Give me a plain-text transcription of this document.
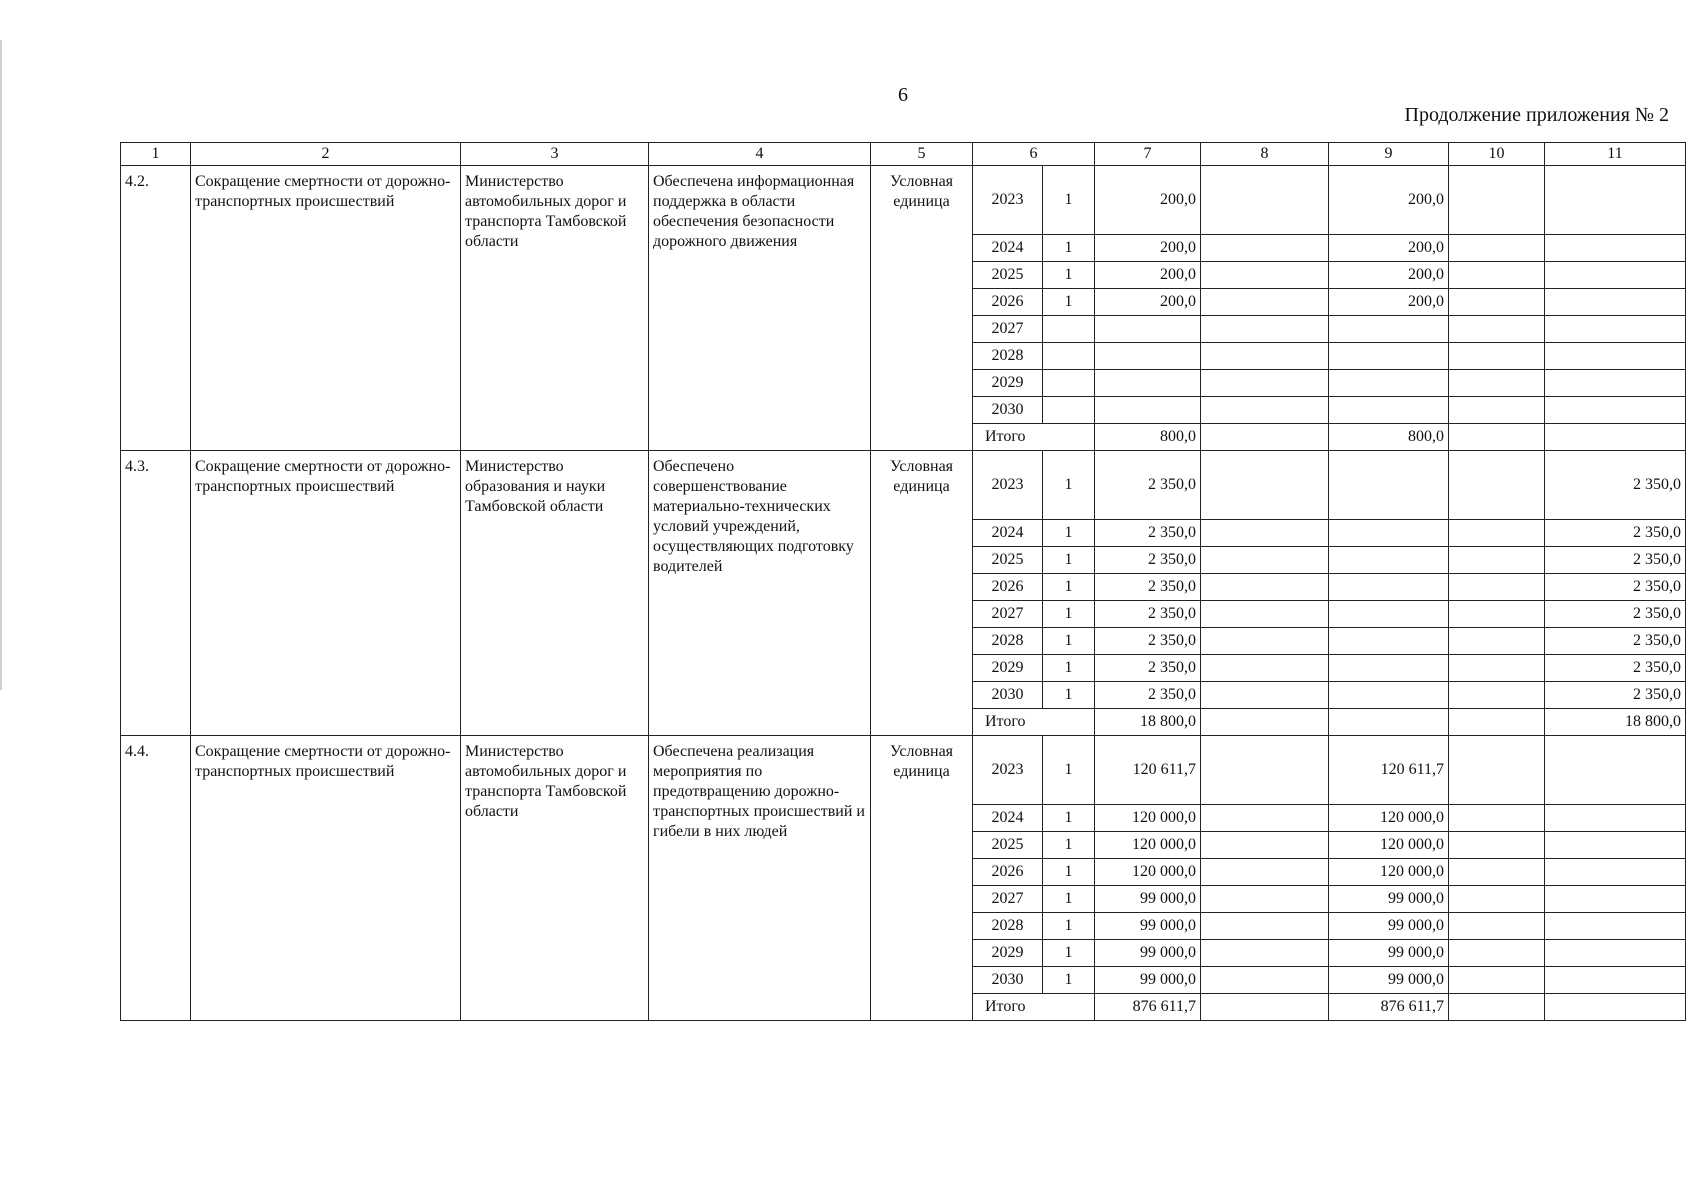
6
Продолжение приложения № 2
1	2	3	4	5	6		7	8	9	10	11
4.2.	Сокращение смертности от дорожно-транспортных происшествий	Министерство автомобильных дорог и транспорта Тамбовской области	Обеспечена информационная поддержка в области обеспечения безопасности дорожного движения	Условная единица	2023	1	200,0		200,0		
					2024	1	200,0		200,0		
					2025	1	200,0		200,0		
					2026	1	200,0		200,0		
					2027						
					2028						
					2029						
					2030						
					Итого		800,0		800,0		
4.3.	Сокращение смертности от дорожно-транспортных происшествий	Министерство образования и науки Тамбовской области	Обеспечено совершенствование материально-технических условий учреждений, осуществляющих подготовку водителей	Условная единица	2023	1	2 350,0				2 350,0
					2024	1	2 350,0				2 350,0
					2025	1	2 350,0				2 350,0
					2026	1	2 350,0				2 350,0
					2027	1	2 350,0				2 350,0
					2028	1	2 350,0				2 350,0
					2029	1	2 350,0				2 350,0
					2030	1	2 350,0				2 350,0
					Итого		18 800,0				18 800,0
4.4.	Сокращение смертности от дорожно-транспортных происшествий	Министерство автомобильных дорог и транспорта Тамбовской области	Обеспечена реализация мероприятия по предотвращению дорожно-транспортных происшествий и гибели в них людей	Условная единица	2023	1	120 611,7		120 611,7		
					2024	1	120 000,0		120 000,0		
					2025	1	120 000,0		120 000,0		
					2026	1	120 000,0		120 000,0		
					2027	1	99 000,0		99 000,0		
					2028	1	99 000,0		99 000,0		
					2029	1	99 000,0		99 000,0		
					2030	1	99 000,0		99 000,0		
					Итого		876 611,7		876 611,7		
